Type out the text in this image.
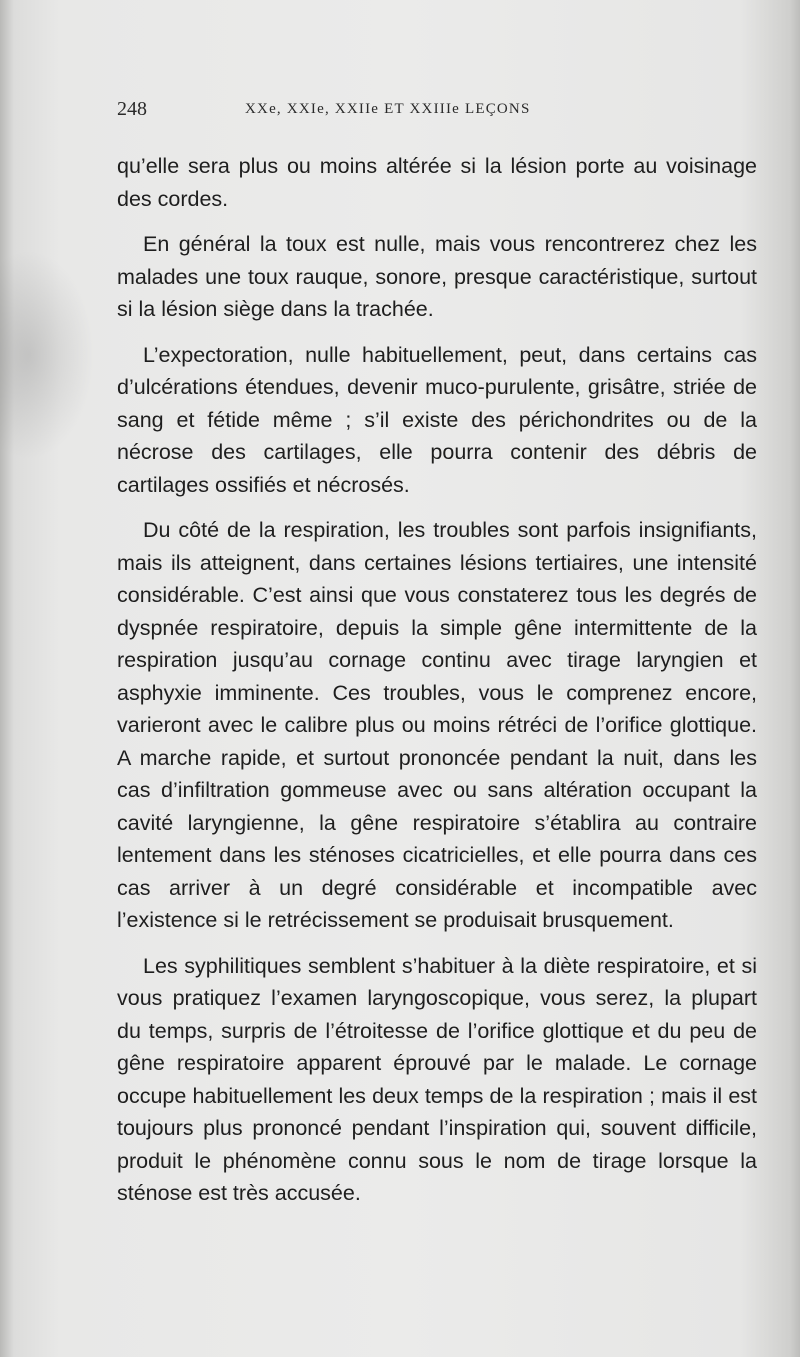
248	XXe, XXIe, XXIIe ET XXIIIe LEÇONS

qu’elle sera plus ou moins altérée si la lésion porte au voisinage des cordes.

En général la toux est nulle, mais vous rencontrerez chez les malades une toux rauque, sonore, presque caractéristique, surtout si la lésion siège dans la trachée.

L’expectoration, nulle habituellement, peut, dans certains cas d’ulcérations étendues, devenir muco-purulente, grisâtre, striée de sang et fétide même ; s’il existe des périchondrites ou de la nécrose des cartilages, elle pourra contenir des débris de cartilages ossifiés et nécrosés.

Du côté de la respiration, les troubles sont parfois insignifiants, mais ils atteignent, dans certaines lésions tertiaires, une intensité considérable. C’est ainsi que vous constaterez tous les degrés de dyspnée respiratoire, depuis la simple gêne intermittente de la respiration jusqu’au cornage continu avec tirage laryngien et asphyxie imminente. Ces troubles, vous le comprenez encore, varieront avec le calibre plus ou moins rétréci de l’orifice glottique. A marche rapide, et surtout prononcée pendant la nuit, dans les cas d’infiltration gommeuse avec ou sans altération occupant la cavité laryngienne, la gêne respiratoire s’établira au contraire lentement dans les sténoses cicatricielles, et elle pourra dans ces cas arriver à un degré considérable et incompatible avec l’existence si le retrécissement se produisait brusquement.

Les syphilitiques semblent s’habituer à la diète respiratoire, et si vous pratiquez l’examen laryngoscopique, vous serez, la plupart du temps, surpris de l’étroitesse de l’orifice glottique et du peu de gêne respiratoire apparent éprouvé par le malade. Le cornage occupe habituellement les deux temps de la respiration ; mais il est toujours plus prononcé pendant l’inspiration qui, souvent difficile, produit le phénomène connu sous le nom de tirage lorsque la sténose est très accusée.
